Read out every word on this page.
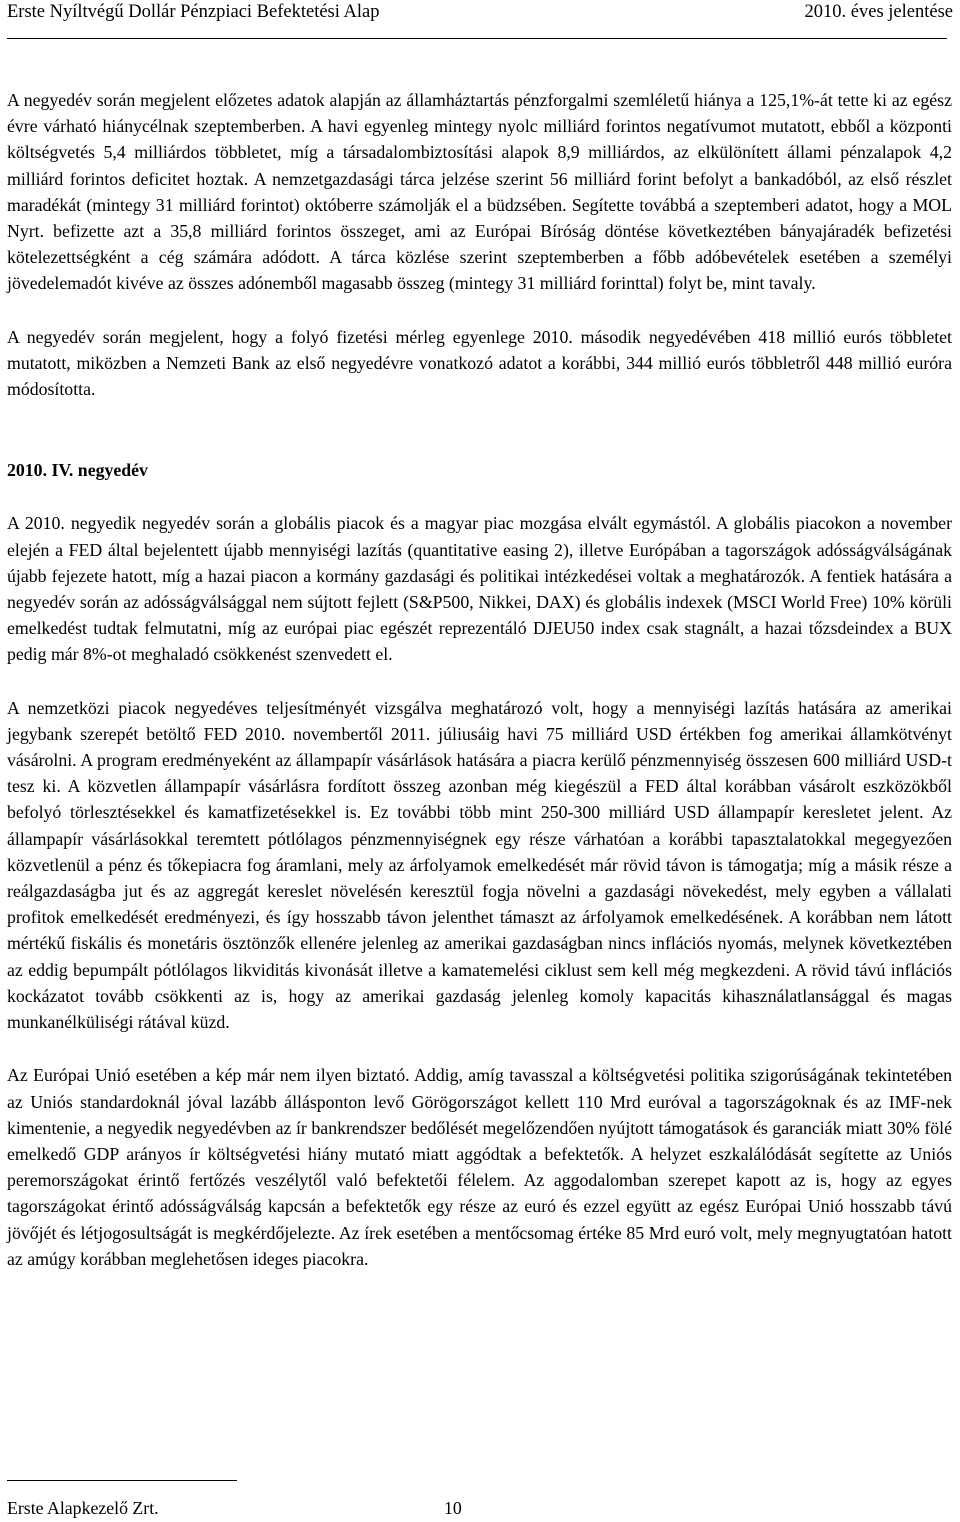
Erste Nyíltvégű Dollár Pénzpiaci Befektetési Alap	2010. éves jelentése

A negyedév során megjelent előzetes adatok alapján az államháztartás pénzforgalmi szemléletű hiánya a 125,1%-át tette ki az egész évre várható hiánycélnak szeptemberben. A havi egyenleg mintegy nyolc milliárd forintos negatívumot mutatott, ebből a központi költségvetés 5,4 milliárdos többletet, míg a társadalombiztosítási alapok 8,9 milliárdos, az elkülönített állami pénzalapok 4,2 milliárd forintos deficitet hoztak. A nemzetgazdasági tárca jelzése szerint 56 milliárd forint befolyt a bankadóból, az első részlet maradékát (mintegy 31 milliárd forintot) októberre számolják el a büdzsében. Segítette továbbá a szeptemberi adatot, hogy a MOL Nyrt. befizette azt a 35,8 milliárd forintos összeget, ami az Európai Bíróság döntése következtében bányajáradék befizetési kötelezettségként a cég számára adódott. A tárca közlése szerint szeptemberben a főbb adóbevételek esetében a személyi jövedelemadót kivéve az összes adónemből magasabb összeg (mintegy 31 milliárd forinttal) folyt be, mint tavaly.

A negyedév során megjelent, hogy a folyó fizetési mérleg egyenlege 2010. második negyedévében 418 millió eurós többletet mutatott, miközben a Nemzeti Bank az első negyedévre vonatkozó adatot a korábbi, 344 millió eurós többletről 448 millió euróra módosította.

2010. IV. negyedév

A 2010. negyedik negyedév során a globális piacok és a magyar piac mozgása elvált egymástól. A globális piacokon a november elején a FED által bejelentett újabb mennyiségi lazítás (quantitative easing 2), illetve Európában a tagországok adósságválságának újabb fejezete hatott, míg a hazai piacon a kormány gazdasági és politikai intézkedései voltak a meghatározók. A fentiek hatására a negyedév során az adósságválsággal nem sújtott fejlett (S&P500, Nikkei, DAX) és globális indexek (MSCI World Free) 10% körüli emelkedést tudtak felmutatni, míg az európai piac egészét reprezentáló DJEU50 index csak stagnált, a hazai tőzsdeindex a BUX pedig már 8%-ot meghaladó csökkenést szenvedett el.

A nemzetközi piacok negyedéves teljesítményét vizsgálva meghatározó volt, hogy a mennyiségi lazítás hatására az amerikai jegybank szerepét betöltő FED 2010. novembertől 2011. júliusáig havi 75 milliárd USD értékben fog amerikai államkötvényt vásárolni. A program eredményeként az állampapír vásárlások hatására a piacra kerülő pénzmennyiség összesen 600 milliárd USD-t tesz ki. A közvetlen állampapír vásárlásra fordított összeg azonban még kiegészül a FED által korábban vásárolt eszközökből befolyó törlesztésekkel és kamatfizetésekkel is. Ez további több mint 250-300 milliárd USD állampapír keresletet jelent. Az állampapír vásárlásokkal teremtett pótlólagos pénzmennyiségnek egy része várhatóan a korábbi tapasztalatokkal megegyezően közvetlenül a pénz és tőkepiacra fog áramlani, mely az árfolyamok emelkedését már rövid távon is támogatja; míg a másik része a reálgazdaságba jut és az aggregát kereslet növelésén keresztül fogja növelni a gazdasági növekedést, mely egyben a vállalati profitok emelkedését eredményezi, és így hosszabb távon jelenthet támaszt az árfolyamok emelkedésének. A korábban nem látott mértékű fiskális és monetáris ösztönzők ellenére jelenleg az amerikai gazdaságban nincs inflációs nyomás, melynek következtében az eddig bepumpált pótlólagos likviditás kivonását illetve a kamatemelési ciklust sem kell még megkezdeni. A rövid távú inflációs kockázatot tovább csökkenti az is, hogy az amerikai gazdaság jelenleg komoly kapacitás kihasználatlansággal és magas munkanélküliségi rátával küzd.

Az Európai Unió esetében a kép már nem ilyen biztató. Addig, amíg tavasszal a költségvetési politika szigorúságának tekintetében az Uniós standardoknál jóval lazább állásponton levő Görögországot kellett 110 Mrd euróval a tagországoknak és az IMF-nek kimentenie, a negyedik negyedévben az ír bankrendszer bedőlését megelőzendően nyújtott támogatások és garanciák miatt 30% fölé emelkedő GDP arányos ír költségvetési hiány mutató miatt aggódtak a befektetők. A helyzet eszkalálódását segítette az Uniós peremországokat érintő fertőzés veszélytől való befektetői félelem. Az aggodalomban szerepet kapott az is, hogy az egyes tagországokat érintő adósságválság kapcsán a befektetők egy része az euró és ezzel együtt az egész Európai Unió hosszabb távú jövőjét és létjogosultságát is megkérdőjelezte. Az írek esetében a mentőcsomag értéke 85 Mrd euró volt, mely megnyugtatóan hatott az amúgy korábban meglehetősen ideges piacokra.

Erste Alapkezelő Zrt.	10
